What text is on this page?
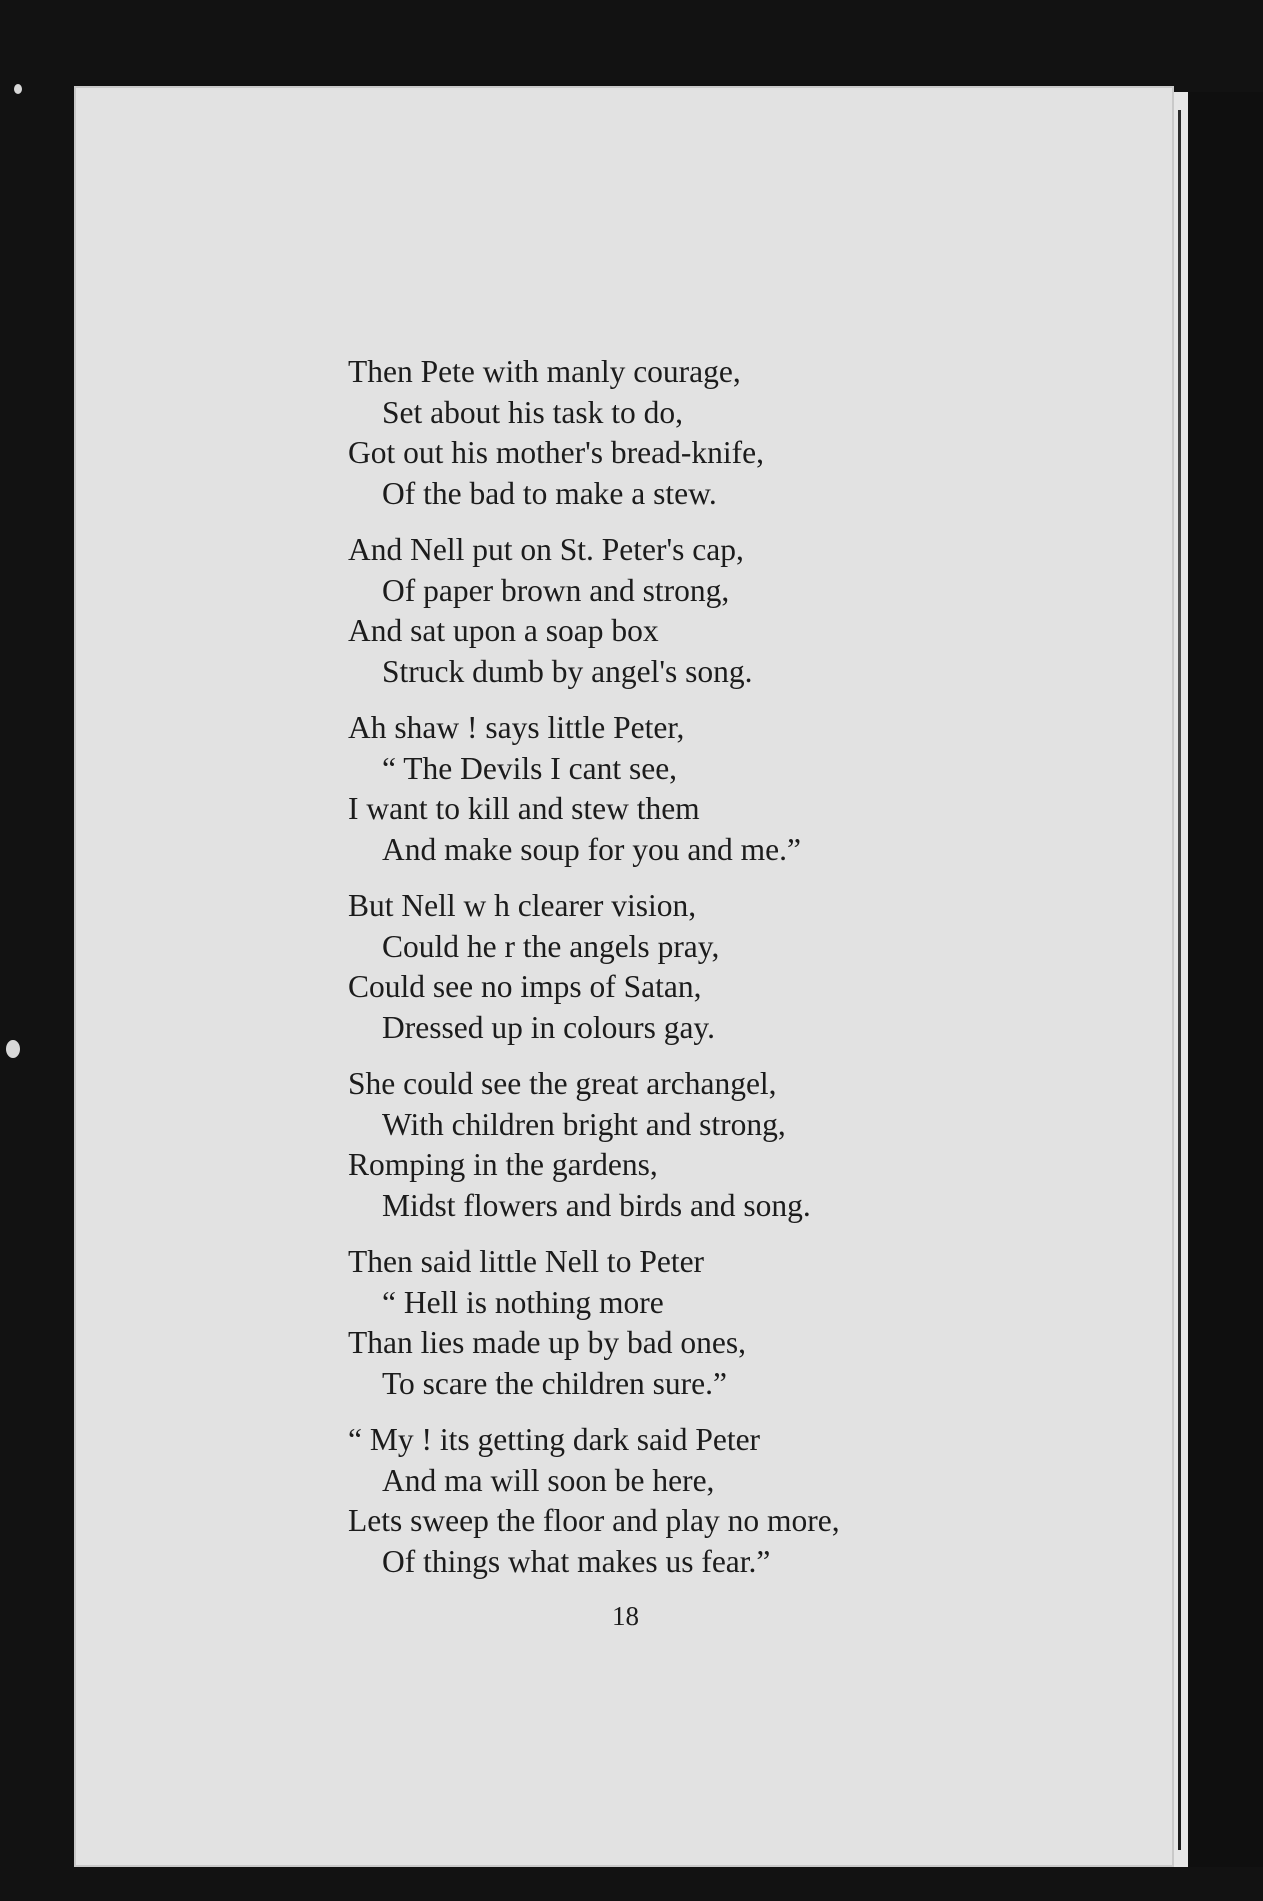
Then Pete with manly courage,
Set about his task to do,
Got out his mother's bread-knife,
Of the bad to make a stew.
And Nell put on St. Peter's cap,
Of paper brown and strong,
And sat upon a soap box
Struck dumb by angel's song.
Ah shaw ! says little Peter,
“ The Devils I cant see,
I want to kill and stew them
And make soup for you and me.”
But Nell w h clearer vision,
Could he r the angels pray,
Could see no imps of Satan,
Dressed up in colours gay.
She could see the great archangel,
With children bright and strong,
Romping in the gardens,
Midst flowers and birds and song.
Then said little Nell to Peter
“ Hell is nothing more
Than lies made up by bad ones,
To scare the children sure.”
“ My ! its getting dark said Peter
And ma will soon be here,
Lets sweep the floor and play no more,
Of things what makes us fear.”
18
